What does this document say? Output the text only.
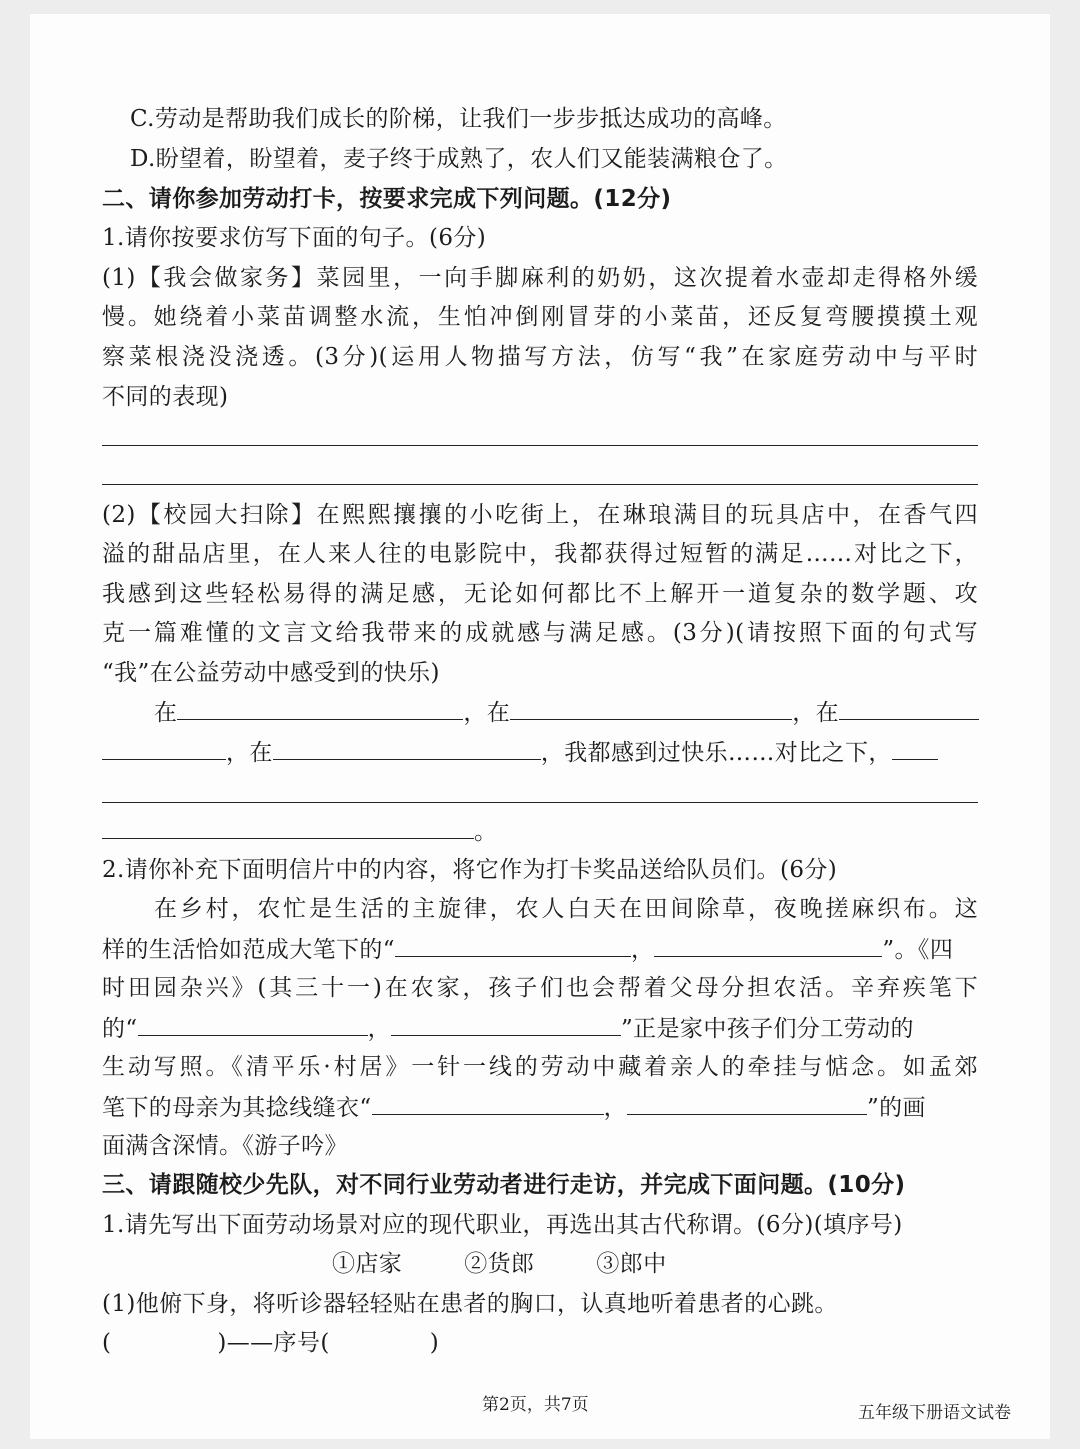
C.劳动是帮助我们成长的阶梯，让我们一步步抵达成功的高峰。
D.盼望着，盼望着，麦子终于成熟了，农人们又能装满粮仓了。
二、请你参加劳动打卡，按要求完成下列问题。(12分)
1.请你按要求仿写下面的句子。(6分)
(1)【我会做家务】菜园里，一向手脚麻利的奶奶，这次提着水壶却走得格外缓
慢。她绕着小菜苗调整水流，生怕冲倒刚冒芽的小菜苗，还反复弯腰摸摸土观
察菜根浇没浇透。(3分)(运用人物描写方法，仿写“我”在家庭劳动中与平时
不同的表现)
(2)【校园大扫除】在熙熙攘攘的小吃街上，在琳琅满目的玩具店中，在香气四
溢的甜品店里，在人来人往的电影院中，我都获得过短暂的满足……对比之下，
我感到这些轻松易得的满足感，无论如何都比不上解开一道复杂的数学题、攻
克一篇难懂的文言文给我带来的成就感与满足感。(3分)(请按照下面的句式写
“我”在公益劳动中感受到的快乐)
在	，在	，在
，在	，我都感到过快乐……对比之下，
。
2.请你补充下面明信片中的内容，将它作为打卡奖品送给队员们。(6分)
在乡村，农忙是生活的主旋律，农人白天在田间除草，夜晚搓麻织布。这
样的生活恰如范成大笔下的“	，	”。《四
时田园杂兴》(其三十一)在农家，孩子们也会帮着父母分担农活。辛弃疾笔下
的“	，	”正是家中孩子们分工劳动的
生动写照。《清平乐·村居》一针一线的劳动中藏着亲人的牵挂与惦念。如孟郊
笔下的母亲为其捻线缝衣“	，	”的画
面满含深情。《游子吟》
三、请跟随校少先队，对不同行业劳动者进行走访，并完成下面问题。(10分)
1.请先写出下面劳动场景对应的现代职业，再选出其古代称谓。(6分)(填序号)
①店家	②货郎	③郎中
(1)他俯下身，将听诊器轻轻贴在患者的胸口，认真地听着患者的心跳。
(	)——序号(	)
第2页，共7页	五年级下册语文试卷
